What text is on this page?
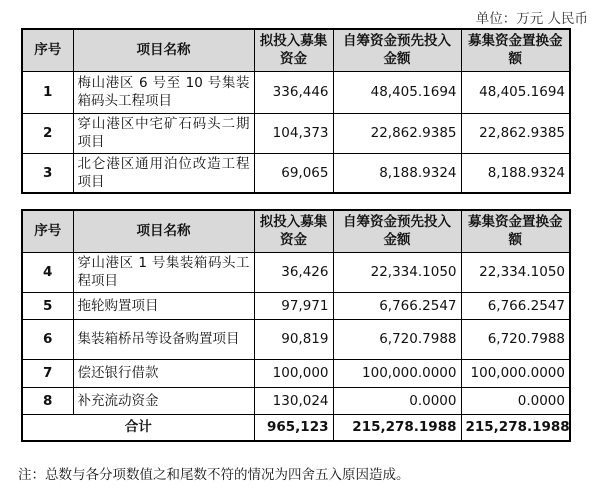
单位：万元 人民币
序号	项目名称	拟投入募集资金	自筹资金预先投入金额	募集资金置换金额
1	梅山港区 6 号至 10 号集装箱码头工程项目	336,446	48,405.1694	48,405.1694
2	穿山港区中宅矿石码头二期项目	104,373	22,862.9385	22,862.9385
3	北仑港区通用泊位改造工程项目	69,065	8,188.9324	8,188.9324
序号	项目名称	拟投入募集资金	自筹资金预先投入金额	募集资金置换金额
4	穿山港区 1 号集装箱码头工程项目	36,426	22,334.1050	22,334.1050
5	拖轮购置项目	97,971	6,766.2547	6,766.2547
6	集装箱桥吊等设备购置项目	90,819	6,720.7988	6,720.7988
7	偿还银行借款	100,000	100,000.0000	100,000.0000
8	补充流动资金	130,024	0.0000	0.0000
合计		965,123	215,278.1988	215,278.1988
注：总数与各分项数值之和尾数不符的情况为四舍五入原因造成。
